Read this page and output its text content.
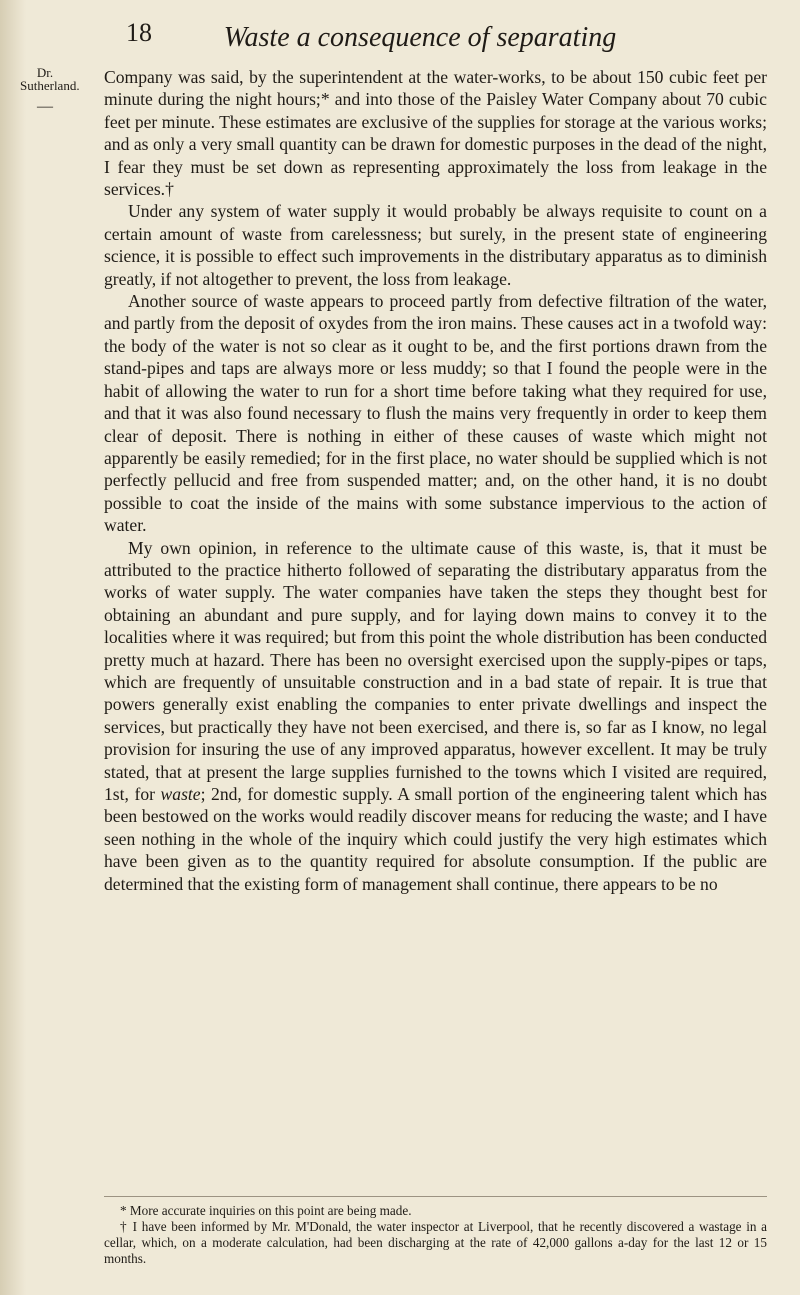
18	Waste a consequence of separating
Dr.
Sutherland.
—

Company was said, by the superintendent at the water-works, to be about 150 cubic feet per minute during the night hours;* and into those of the Paisley Water Company about 70 cubic feet per minute. These estimates are exclusive of the supplies for storage at the various works; and as only a very small quantity can be drawn for domestic purposes in the dead of the night, I fear they must be set down as representing approximately the loss from leakage in the services.†

Under any system of water supply it would probably be always requisite to count on a certain amount of waste from carelessness; but surely, in the present state of engineering science, it is possible to effect such improvements in the distributary apparatus as to diminish greatly, if not altogether to prevent, the loss from leakage.

Another source of waste appears to proceed partly from defective filtration of the water, and partly from the deposit of oxydes from the iron mains. These causes act in a twofold way: the body of the water is not so clear as it ought to be, and the first portions drawn from the stand-pipes and taps are always more or less muddy; so that I found the people were in the habit of allowing the water to run for a short time before taking what they required for use, and that it was also found necessary to flush the mains very frequently in order to keep them clear of deposit. There is nothing in either of these causes of waste which might not apparently be easily remedied; for in the first place, no water should be supplied which is not perfectly pellucid and free from suspended matter; and, on the other hand, it is no doubt possible to coat the inside of the mains with some substance impervious to the action of water.

My own opinion, in reference to the ultimate cause of this waste, is, that it must be attributed to the practice hitherto followed of separating the distributary apparatus from the works of water supply. The water companies have taken the steps they thought best for obtaining an abundant and pure supply, and for laying down mains to convey it to the localities where it was required; but from this point the whole distribution has been conducted pretty much at hazard. There has been no oversight exercised upon the supply-pipes or taps, which are frequently of unsuitable construction and in a bad state of repair. It is true that powers generally exist enabling the companies to enter private dwellings and inspect the services, but practically they have not been exercised, and there is, so far as I know, no legal provision for insuring the use of any improved apparatus, however excellent. It may be truly stated, that at present the large supplies furnished to the towns which I visited are required, 1st, for waste; 2nd, for domestic supply. A small portion of the engineering talent which has been bestowed on the works would readily discover means for reducing the waste; and I have seen nothing in the whole of the inquiry which could justify the very high estimates which have been given as to the quantity required for absolute consumption. If the public are determined that the existing form of management shall continue, there appears to be no

* More accurate inquiries on this point are being made.

† I have been informed by Mr. M'Donald, the water inspector at Liverpool, that he recently discovered a wastage in a cellar, which, on a moderate calculation, had been discharging at the rate of 42,000 gallons a-day for the last 12 or 15 months.
